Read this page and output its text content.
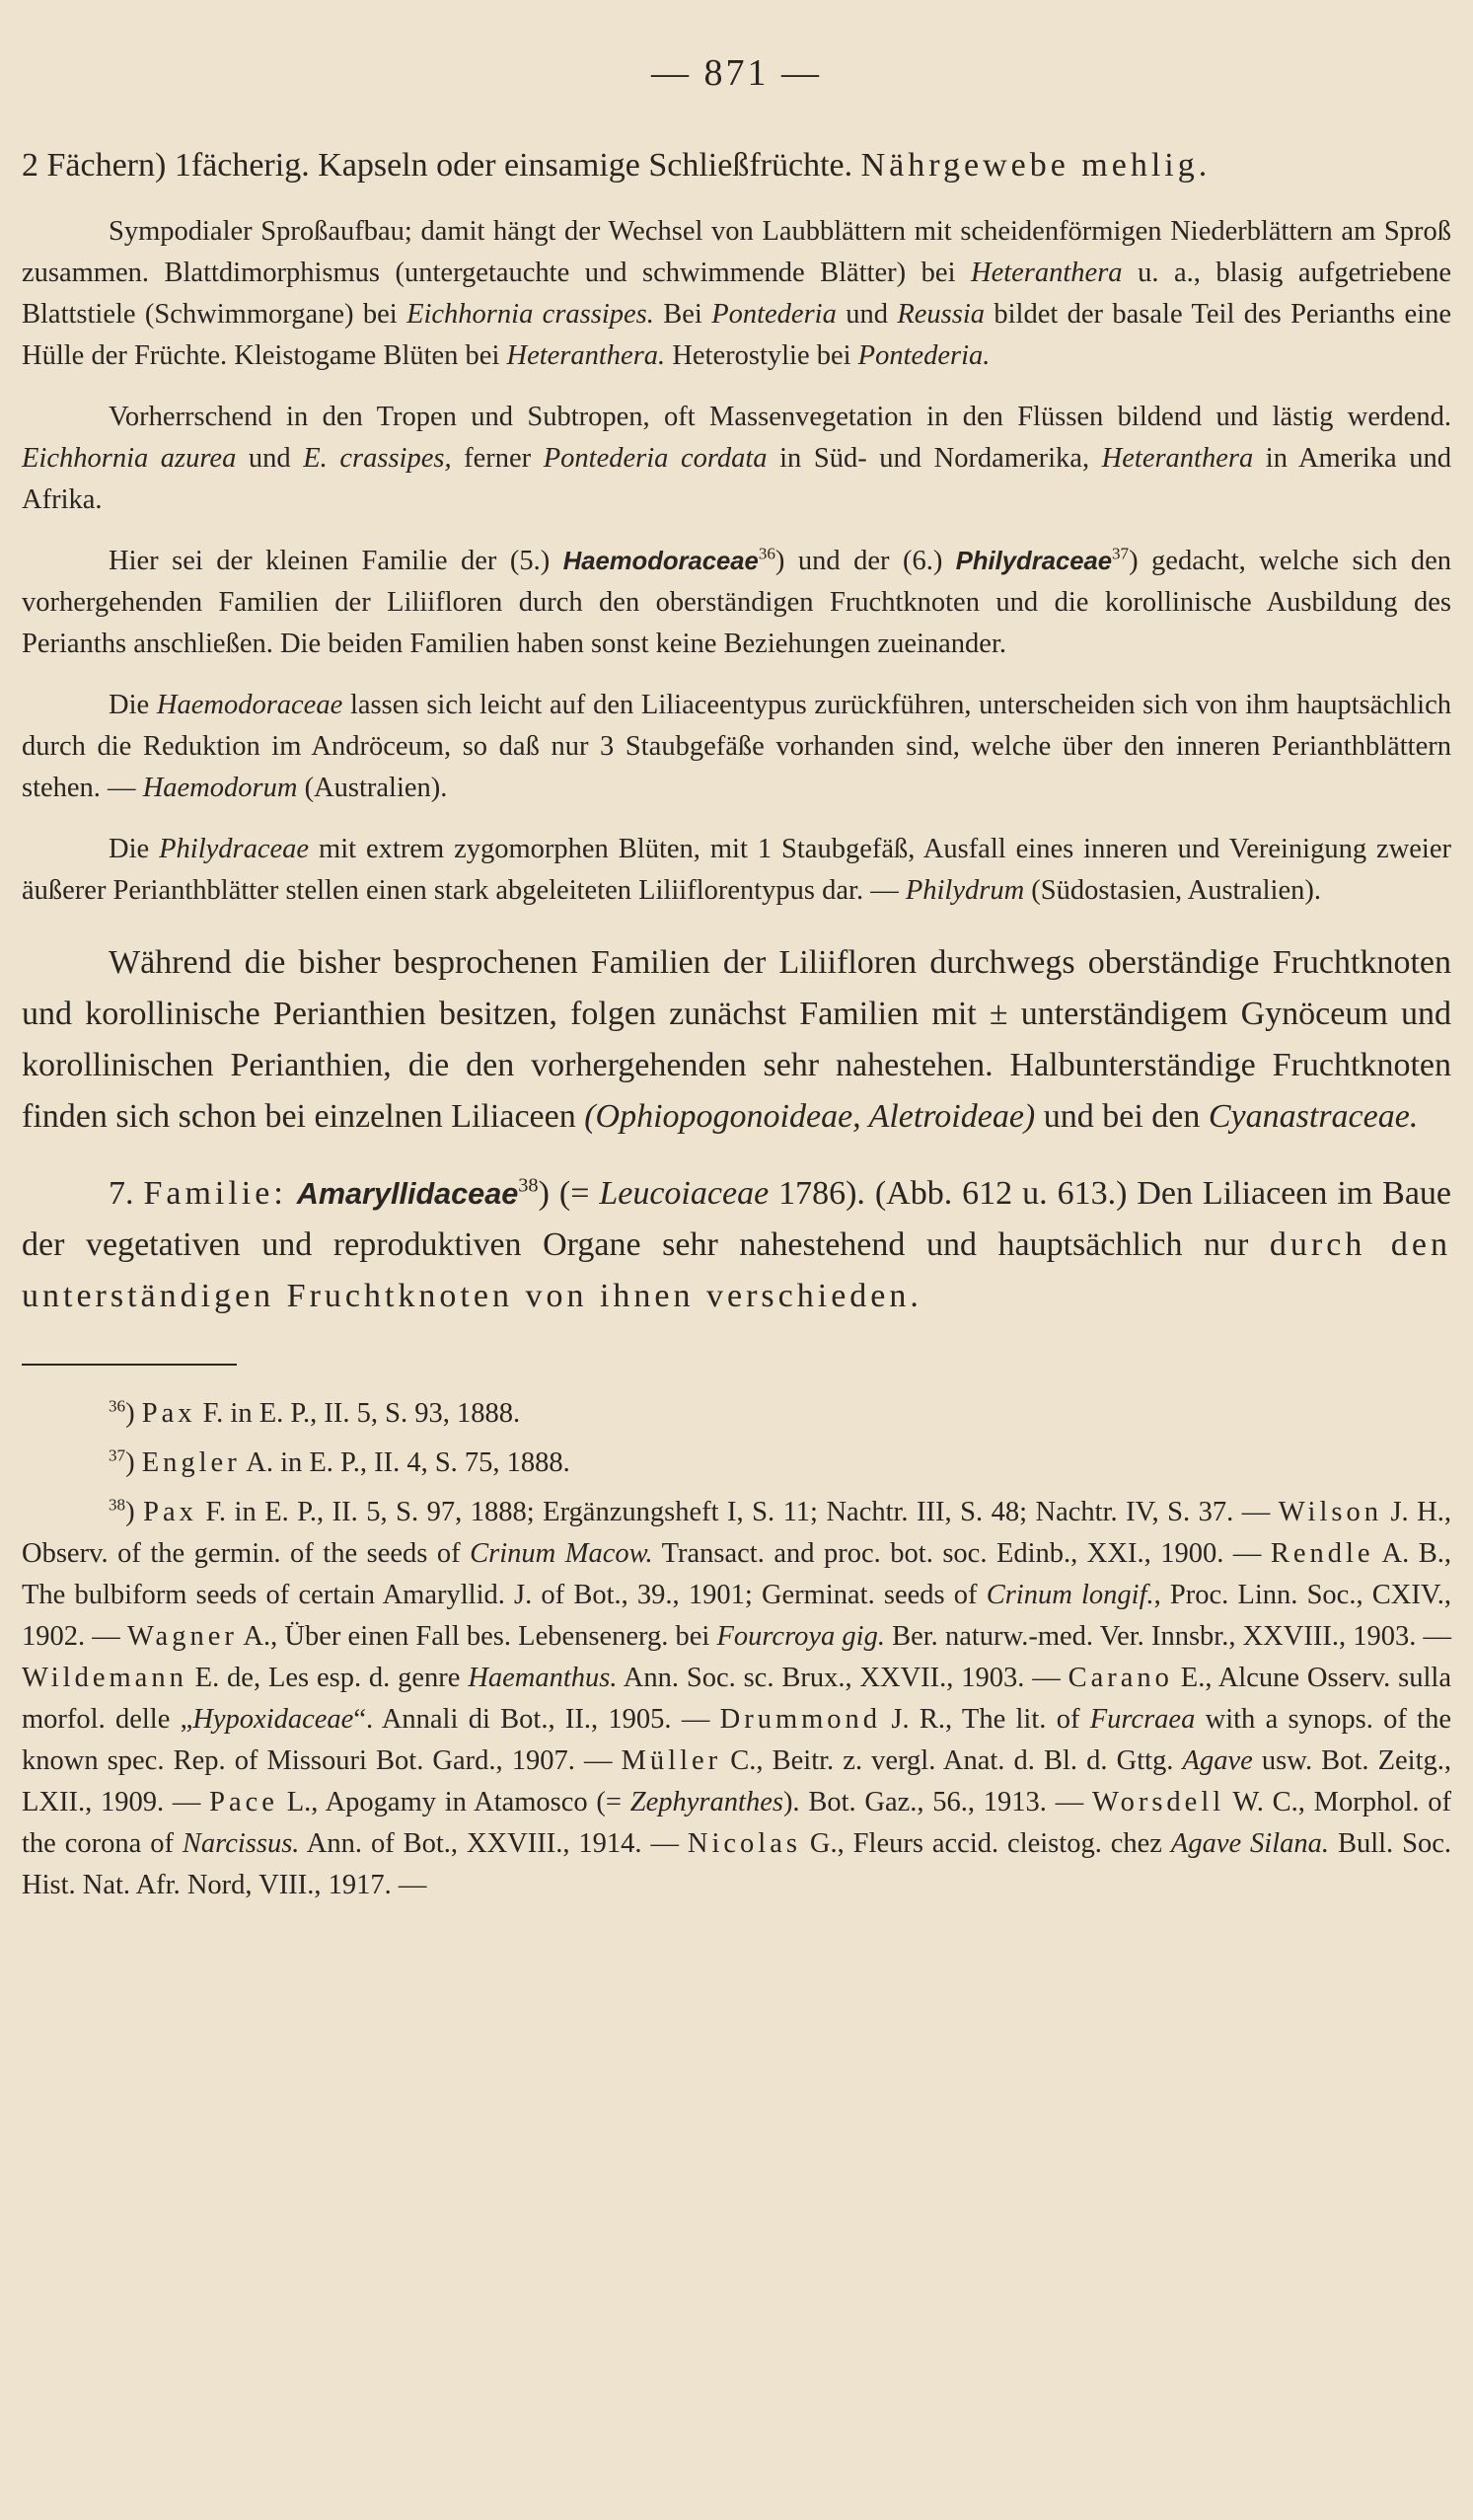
— 871 —

2 Fächern) 1fächerig. Kapseln oder einsamige Schließfrüchte. Nährgewebe mehlig.

Sympodialer Sproßaufbau; damit hängt der Wechsel von Laubblättern mit scheidenförmigen Niederblättern am Sproß zusammen. Blattdimorphismus (untergetauchte und schwimmende Blätter) bei Heteranthera u. a., blasig aufgetriebene Blattstiele (Schwimmorgane) bei Eichhornia crassipes. Bei Pontederia und Reussia bildet der basale Teil des Perianths eine Hülle der Früchte. Kleistogame Blüten bei Heteranthera. Heterostylie bei Pontederia.

Vorherrschend in den Tropen und Subtropen, oft Massenvegetation in den Flüssen bildend und lästig werdend. Eichhornia azurea und E. crassipes, ferner Pontederia cordata in Süd- und Nordamerika, Heteranthera in Amerika und Afrika.

Hier sei der kleinen Familie der (5.) Haemodoraceae$^{36}$) und der (6.) Philydraceae$^{37}$) gedacht, welche sich den vorhergehenden Familien der Liliifloren durch den oberständigen Fruchtknoten und die korollinische Ausbildung des Perianths anschließen. Die beiden Familien haben sonst keine Beziehungen zueinander.

Die Haemodoraceae lassen sich leicht auf den Liliaceentypus zurückführen, unterscheiden sich von ihm hauptsächlich durch die Reduktion im Andröceum, so daß nur 3 Staubgefäße vorhanden sind, welche über den inneren Perianthblättern stehen. — Haemodorum (Australien).

Die Philydraceae mit extrem zygomorphen Blüten, mit 1 Staubgefäß, Ausfall eines inneren und Vereinigung zweier äußerer Perianthblätter stellen einen stark abgeleiteten Liliiflorentypus dar. — Philydrum (Südostasien, Australien).

Während die bisher besprochenen Familien der Liliifloren durchwegs oberständige Fruchtknoten und korollinische Perianthien besitzen, folgen zunächst Familien mit ± unterständigem Gynöceum und korollinischen Perianthien, die den vorhergehenden sehr nahestehen. Halbunterständige Fruchtknoten finden sich schon bei einzelnen Liliaceen (Ophiopogonoideae, Aletroideae) und bei den Cyanastraceae.

7. Familie: Amaryllidaceae$^{38}$) (= Leucoiaceae 1786). (Abb. 612 u. 613.) Den Liliaceen im Baue der vegetativen und reproduktiven Organe sehr nahestehend und hauptsächlich nur durch den unterständigen Fruchtknoten von ihnen verschieden.

$^{36}$) Pax F. in E. P., II. 5, S. 93, 1888.

$^{37}$) Engler A. in E. P., II. 4, S. 75, 1888.

$^{38}$) Pax F. in E. P., II. 5, S. 97, 1888; Ergänzungsheft I, S. 11; Nachtr. III, S. 48; Nachtr. IV, S. 37. — Wilson J. H., Observ. of the germin. of the seeds of Crinum Macow. Transact. and proc. bot. soc. Edinb., XXI., 1900. — Rendle A. B., The bulbiform seeds of certain Amaryllid. J. of Bot., 39., 1901; Germinat. seeds of Crinum longif., Proc. Linn. Soc., CXIV., 1902. — Wagner A., Über einen Fall bes. Lebensenerg. bei Fourcroya gig. Ber. naturw.-med. Ver. Innsbr., XXVIII., 1903. — Wildemann E. de, Les esp. d. genre Haemanthus. Ann. Soc. sc. Brux., XXVII., 1903. — Carano E., Alcune Osserv. sulla morfol. delle „Hypoxidaceae“. Annali di Bot., II., 1905. — Drummond J. R., The lit. of Furcraea with a synops. of the known spec. Rep. of Missouri Bot. Gard., 1907. — Müller C., Beitr. z. vergl. Anat. d. Bl. d. Gttg. Agave usw. Bot. Zeitg., LXII., 1909. — Pace L., Apogamy in Atamosco (= Zephyranthes). Bot. Gaz., 56., 1913. — Worsdell W. C., Morphol. of the corona of Narcissus. Ann. of Bot., XXVIII., 1914. — Nicolas G., Fleurs accid. cleistog. chez Agave Silana. Bull. Soc. Hist. Nat. Afr. Nord, VIII., 1917. —
